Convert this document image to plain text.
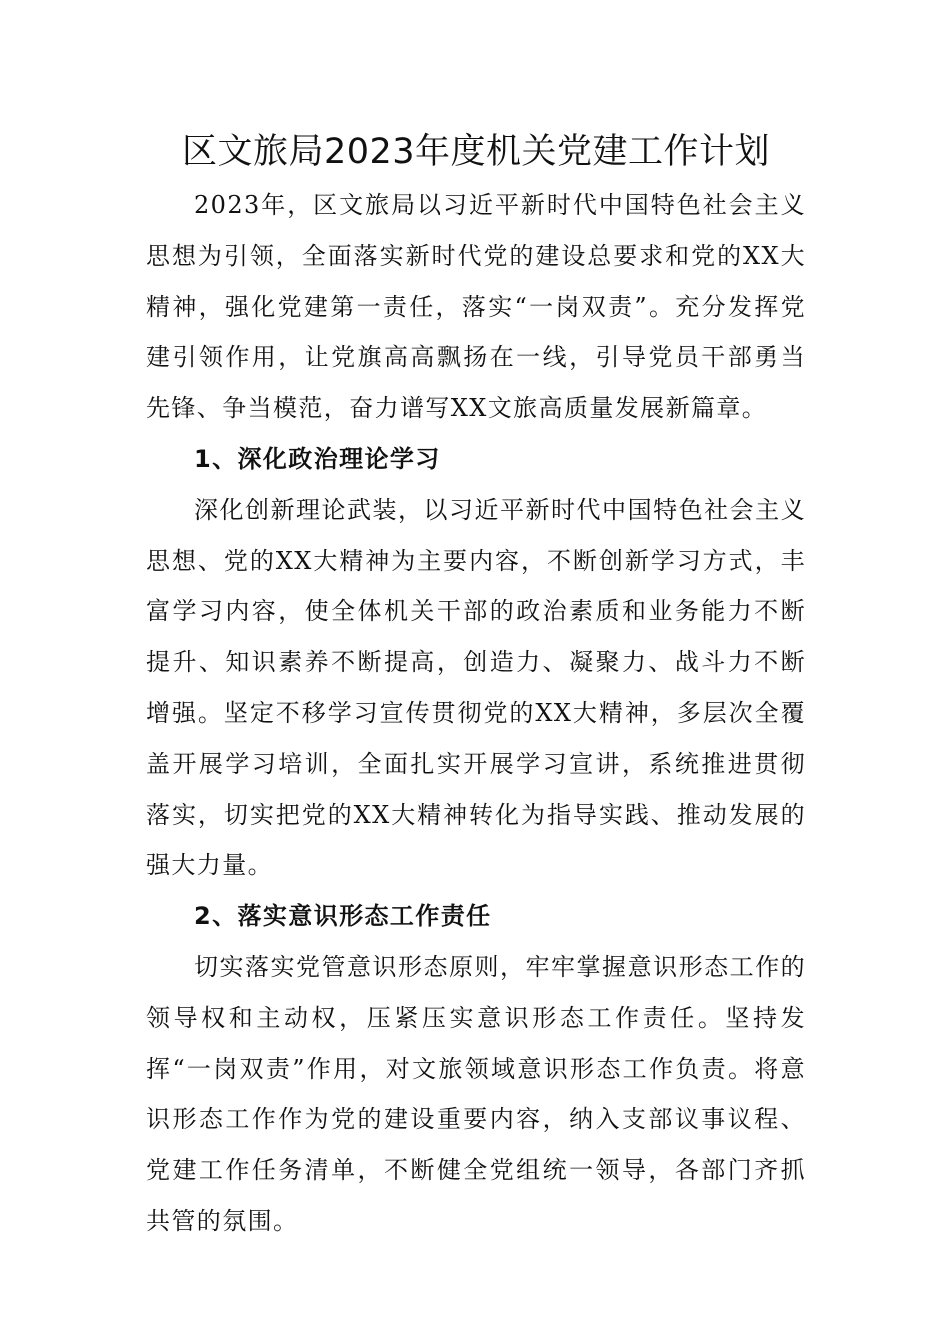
区文旅局2023年度机关党建工作计划

2023年，区文旅局以习近平新时代中国特色社会主义思想为引领，全面落实新时代党的建设总要求和党的XX大精神，强化党建第一责任，落实“一岗双责”。充分发挥党建引领作用，让党旗高高飘扬在一线，引导党员干部勇当先锋、争当模范，奋力谱写XX文旅高质量发展新篇章。

1、深化政治理论学习

深化创新理论武装，以习近平新时代中国特色社会主义思想、党的XX大精神为主要内容，不断创新学习方式，丰富学习内容，使全体机关干部的政治素质和业务能力不断提升、知识素养不断提高，创造力、凝聚力、战斗力不断增强。坚定不移学习宣传贯彻党的XX大精神，多层次全覆盖开展学习培训，全面扎实开展学习宣讲，系统推进贯彻落实，切实把党的XX大精神转化为指导实践、推动发展的强大力量。

2、落实意识形态工作责任

切实落实党管意识形态原则，牢牢掌握意识形态工作的领导权和主动权，压紧压实意识形态工作责任。坚持发挥“一岗双责”作用，对文旅领域意识形态工作负责。将意识形态工作作为党的建设重要内容，纳入支部议事议程、党建工作任务清单，不断健全党组统一领导，各部门齐抓共管的氛围。
